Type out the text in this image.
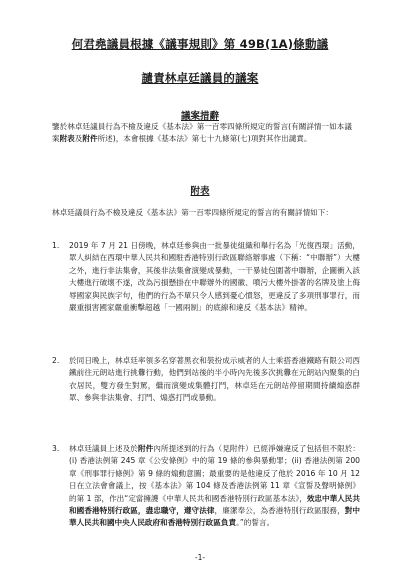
何君堯議員根據《議事規則》第 49B(1A)條動議
譴責林卓廷議員的議案
議案措辭
鑒於林卓廷議員行為不檢及違反《基本法》第一百零四條所規定的誓言(有關詳情一如本議案附表及附件所述)，本會根據《基本法》第七十九條第(七)項對其作出譴責。
附表
林卓廷議員行為不檢及違反《基本法》第一百零四條所規定的誓言的有關詳情如下：
1.	2019 年 7 月 21 日傍晚，林卓廷參與由一批暴徒組織和舉行名為「光復西環」活動，眾人糾結在西環中華人民共和國駐香港特別行政區聯絡辦事處（下稱：“中聯辦”）大樓之外，進行非法集會，其後非法集會演變成暴動，一干暴徒包圍著中聯辦，企圖衝入該大樓進行破壞不遂，改為污損懸掛在中聯辦外的國徽、噴污大樓外掛著的名牌及塗上侮辱國家與民族字句，他們的行為不單只令人感到憂心憤怒，更違反了多項刑事罪行，而嚴重損害國家嚴重衝擊超越「一國兩制」的底線和違反《基本法》精神。
2.	於同日晚上，林卓廷率領多名穿著黑衣和裝扮成示威者的人士乘搭香港鐵路有限公司西鐵前往元朗站進行挑釁行動，他們到站後的半小時內先後多次挑釁在元朗站內聚集的白衣居民，雙方發生對罵，繼而演變成集體打鬥，林卓廷在元朗站停留期間持續煽惑群眾、參與非法集會、打鬥、煽惑打鬥或暴動。
3.	林卓廷議員上述及於附件內所提述到的行為（見附件）已經淨嫌違反了包括但不限於：(i) 香港法例第 245 章《公安條例》中的第 19 條的參與暴動罪；(ii) 香港法例第 200 章《刑事罪行條例》第 9 條的煽動意圖；最重要的是他違反了他於 2016 年 10 月 12 日在立法會會議上，按《基本法》第 104 條及香港法例第 11 章《宣誓及聲明條例》的第 1 部，作出“定當擁護《中華人民共和國香港特別行政區基本法》，效忠中華人民共和國香港特別行政區，盡忠職守，遵守法律，廉潔奉公，為香港特別行政區服務，對中華人民共和國中央人民政府和香港特別行政區負責。”的誓言。
-1-
